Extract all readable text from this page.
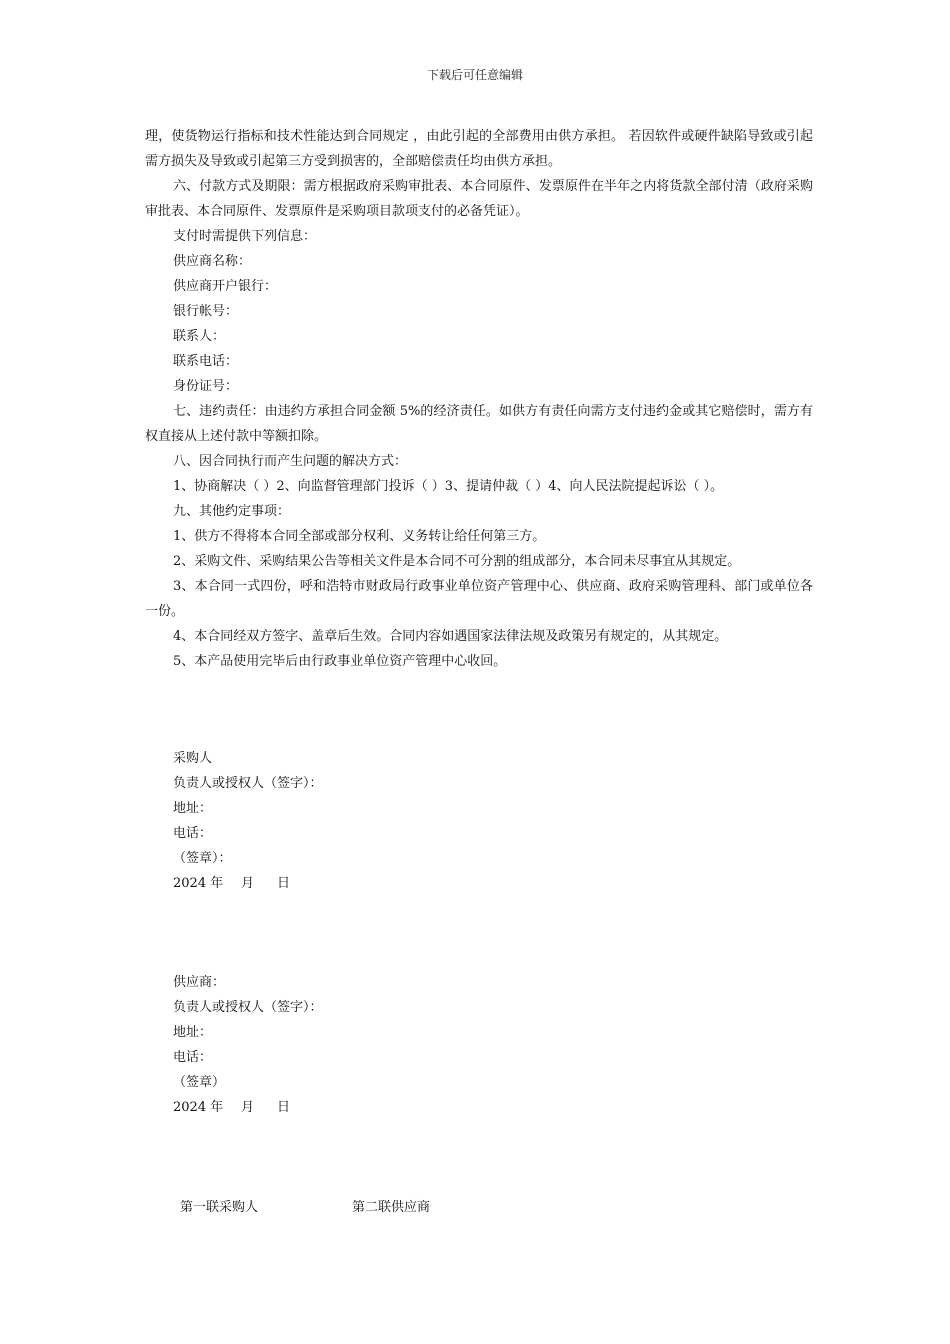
下载后可任意编辑

理，使货物运行指标和技术性能达到合同规定 ，由此引起的全部费用由供方承担。 若因软件或硬件缺陷导致或引起需方损失及导致或引起第三方受到损害的，全部赔偿责任均由供方承担。

六、付款方式及期限：需方根据政府采购审批表、本合同原件、发票原件在半年之内将货款全部付清（政府采购审批表、本合同原件、发票原件是采购项目款项支付的必备凭证）。

支付时需提供下列信息：

供应商名称：

供应商开户银行：

银行帐号：

联系人：

联系电话：

身份证号：

七、违约责任：由违约方承担合同金额 5%的经济责任。如供方有责任向需方支付违约金或其它赔偿时，需方有权直接从上述付款中等额扣除。

八、因合同执行而产生问题的解决方式：

1、协商解决（ ）2、向监督管理部门投诉（ ）3、提请仲裁（ ）4、向人民法院提起诉讼（ ）。

九、其他约定事项：

1、供方不得将本合同全部或部分权利、义务转让给任何第三方。

2、采购文件、采购结果公告等相关文件是本合同不可分割的组成部分，本合同未尽事宜从其规定。

3、本合同一式四份，呼和浩特市财政局行政事业单位资产管理中心、供应商、政府采购管理科、部门或单位各一份。

4、本合同经双方签字、盖章后生效。合同内容如遇国家法律法规及政策另有规定的，从其规定。

5、本产品使用完毕后由行政事业单位资产管理中心收回。

采购人
负责人或授权人（签字）：
地址：
电话：
（签章）：
2024 年 月 日
供应商：
负责人或授权人（签字）：
地址：
电话：
（签章）
2024 年 月 日
第一联采购人	第二联供应商
